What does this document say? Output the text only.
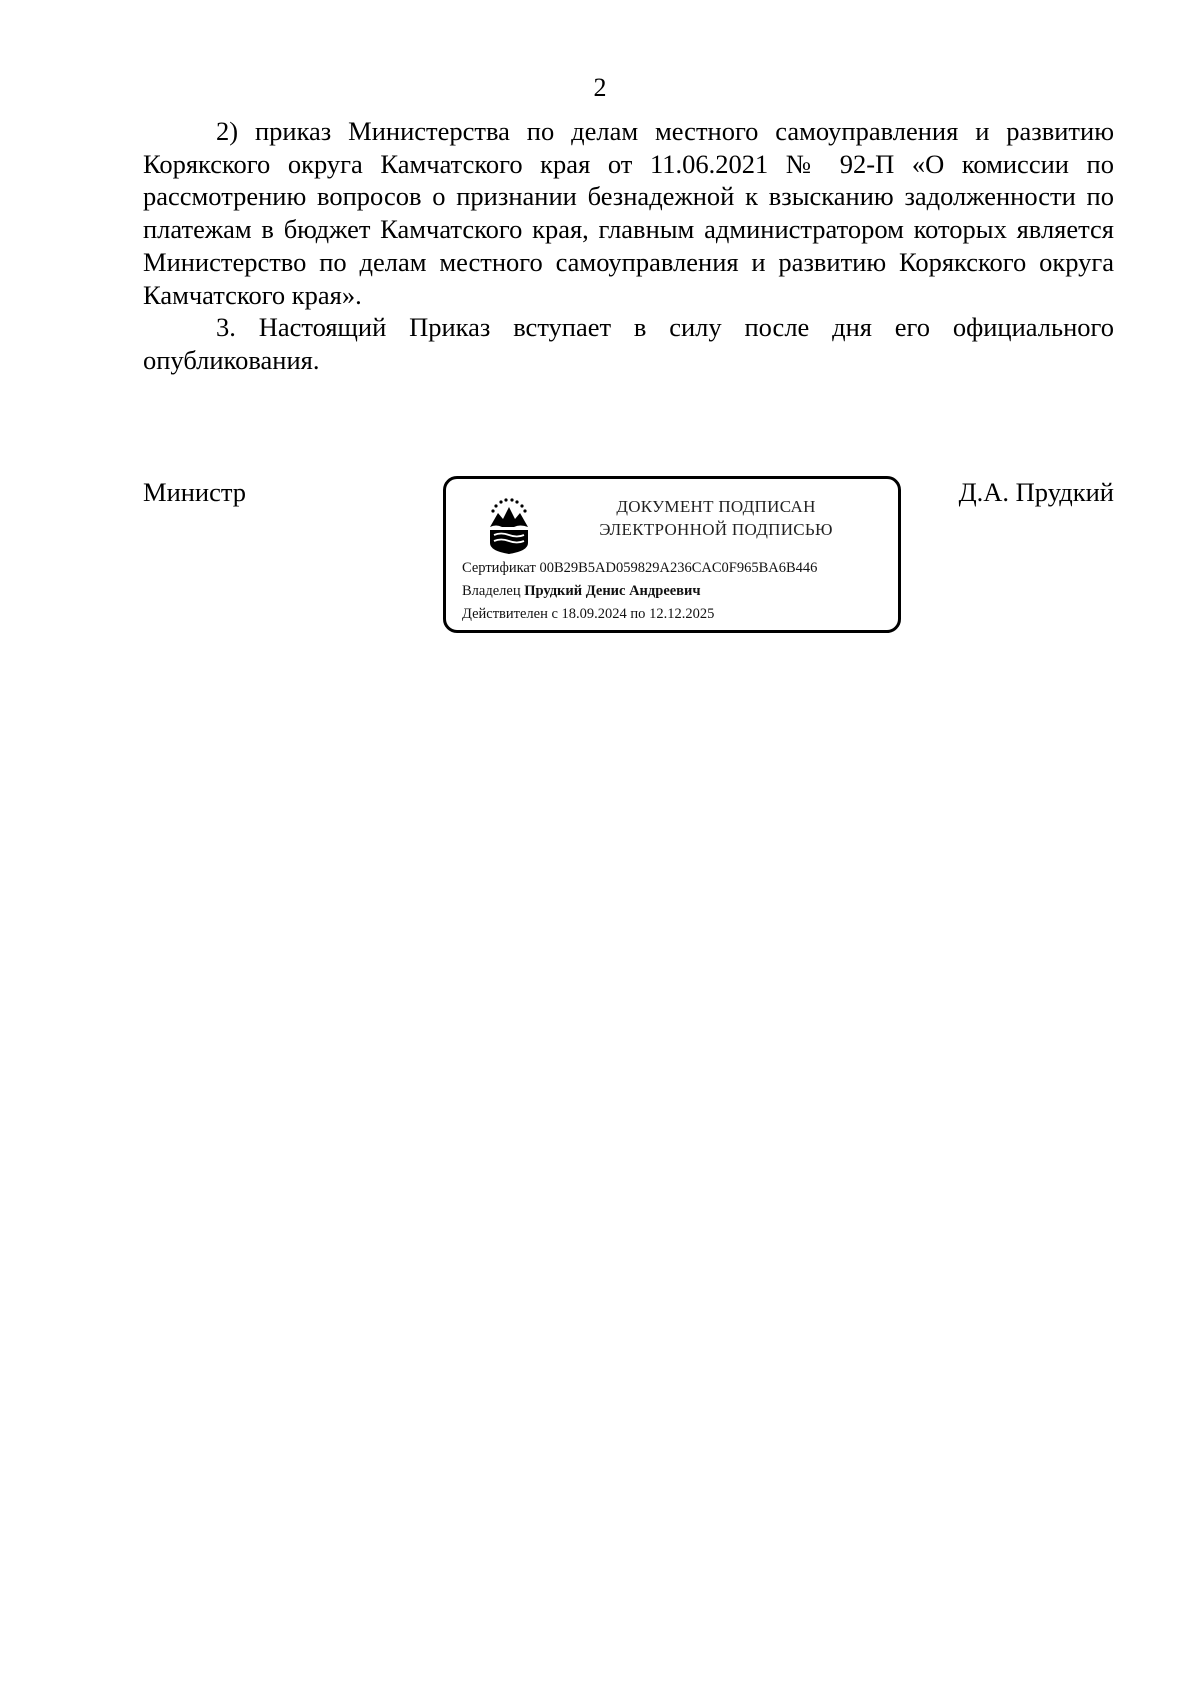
2

2) приказ Министерства по делам местного самоуправления и развитию Корякского округа Камчатского края от 11.06.2021 № 92-П «О комиссии по рассмотрению вопросов о признании безнадежной к взысканию задолженности по платежам в бюджет Камчатского края, главным администратором которых является Министерство по делам местного самоуправления и развитию Корякского округа Камчатского края».

3. Настоящий Приказ вступает в силу после дня его официального опубликования.

Министр	ДОКУМЕНТ ПОДПИСАН
ЭЛЕКТРОННОЙ ПОДПИСЬЮ
Сертификат 00B29B5AD059829A236CAC0F965BA6B446
Владелец Прудкий Денис Андреевич
Действителен с 18.09.2024 по 12.12.2025
Д.А. Прудкий
